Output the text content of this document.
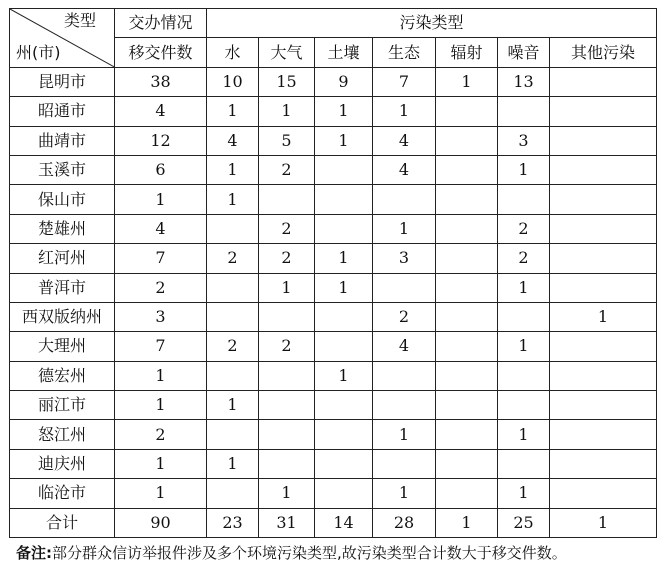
类型
州(市)	交办情况	污染类型						
	移交件数	水	大气	土壤	生态	辐射	噪音	其他污染
昆明市	38	10	15	9	7	1	13	
昭通市	4	1	1	1	1			
曲靖市	12	4	5	1	4		3	
玉溪市	6	1	2		4		1	
保山市	1	1						
楚雄州	4		2		1		2	
红河州	7	2	2	1	3		2	
普洱市	2		1	1			1	
西双版纳州	3				2			1
大理州	7	2	2		4		1	
德宏州	1			1				
丽江市	1	1						
怒江州	2				1		1	
迪庆州	1	1						
临沧市	1		1		1		1	
合计	90	23	31	14	28	1	25	1
备注:部分群众信访举报件涉及多个环境污染类型,故污染类型合计数大于移交件数。
